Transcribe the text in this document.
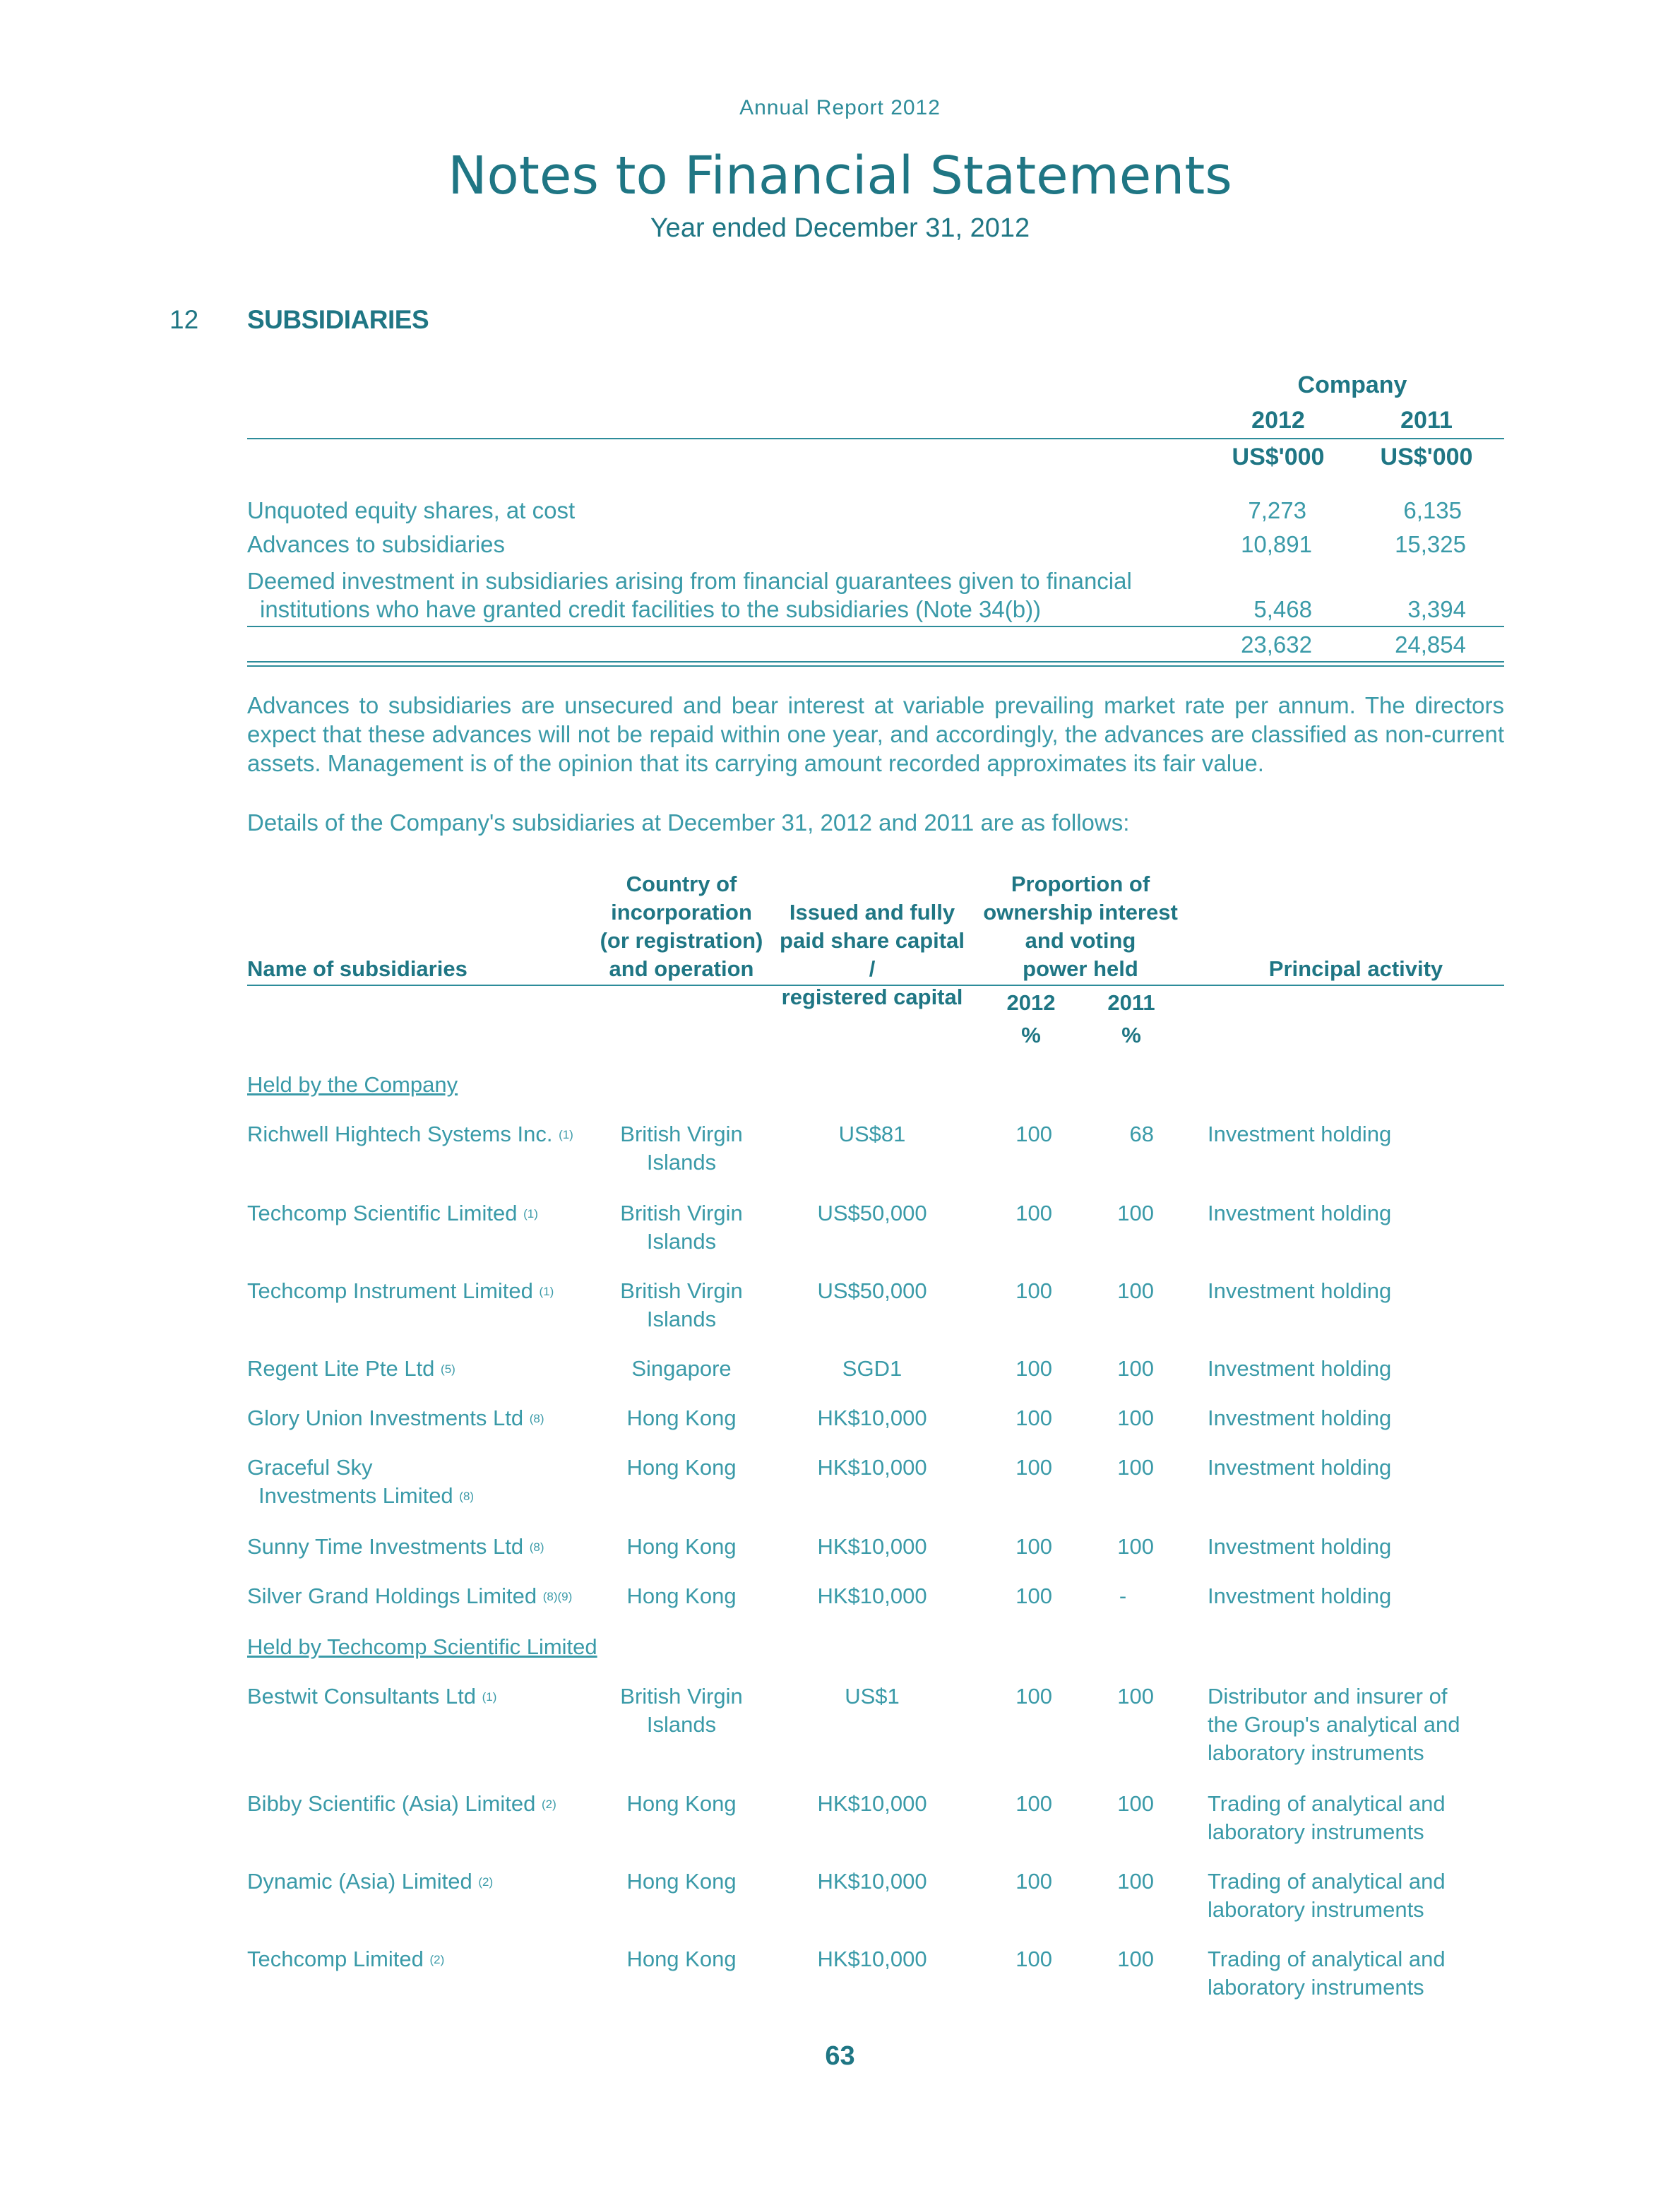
Annual Report 2012
Notes to Financial Statements
Year ended December 31, 2012
12 SUBSIDIARIES
Company
2012	2011
US$'000	US$'000
Unquoted equity shares, at cost	7,273	6,135
Advances to subsidiaries	10,891	15,325
Deemed investment in subsidiaries arising from financial guarantees given to financial
institutions who have granted credit facilities to the subsidiaries (Note 34(b))	5,468	3,394
23,632	24,854
Advances to subsidiaries are unsecured and bear interest at variable prevailing market rate per annum. The directors expect that these advances will not be repaid within one year, and accordingly, the advances are classified as non-current assets. Management is of the opinion that its carrying amount recorded approximates its fair value.
Details of the Company's subsidiaries at December 31, 2012 and 2011 are as follows:
Name of subsidiaries
Country of
incorporation
(or registration)
and operation
Issued and fully
paid share capital /
registered capital
Proportion of
ownership interest
and voting
power held	Principal activity
2012	2011
%	%
Held by the Company
Richwell Hightech Systems Inc. $^{(1)}$	British Virgin
Islands
US$81	100	68 Investment holding
Techcomp Scientific Limited $^{(1)}$	British Virgin
Islands
US$50,000	100	100 Investment holding
Techcomp Instrument Limited $^{(1)}$	British Virgin
Islands
US$50,000	100	100 Investment holding
Regent Lite Pte Ltd $^{(5)}$	Singapore	SGD1	100	100 Investment holding
Glory Union Investments Ltd $^{(8)}$	Hong Kong	HK$10,000	100	100 Investment holding
Graceful Sky
Investments Limited $^{(8)}$
Hong Kong	HK$10,000	100	100 Investment holding
Sunny Time Investments Ltd $^{(8)}$	Hong Kong	HK$10,000	100	100 Investment holding
Silver Grand Holdings Limited $^{(8)(9)}$	Hong Kong	HK$10,000	100	-	Investment holding
Held by Techcomp Scientific Limited
Bestwit Consultants Ltd $^{(1)}$	British Virgin
Islands
US$1	100	100 Distributor and insurer of
the Group's analytical and
laboratory instruments
Bibby Scientific (Asia) Limited $^{(2)}$	Hong Kong	HK$10,000	100	100 Trading of analytical and
laboratory instruments
Dynamic (Asia) Limited $^{(2)}$	Hong Kong	HK$10,000	100	100 Trading of analytical and
laboratory instruments
Techcomp Limited $^{(2)}$	Hong Kong	HK$10,000	100	100 Trading of analytical and
laboratory instruments
63
